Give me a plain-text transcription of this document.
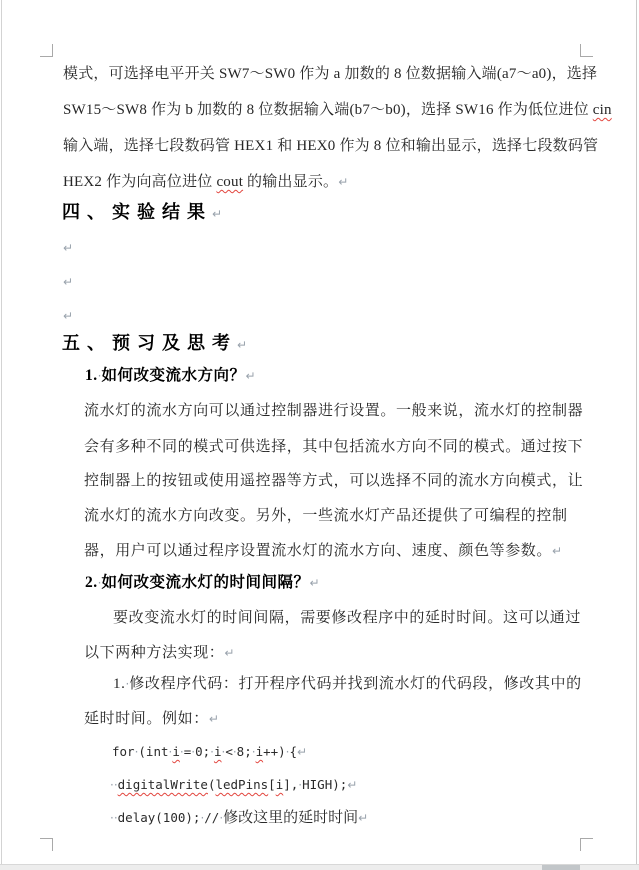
模式，可选择电平开关 SW7～SW0 作为 a 加数的 8 位数据输入端(a7～a0)，选择
SW15～SW8 作为 b 加数的 8 位数据输入端(b7～b0)，选择 SW16 作为低位进位 cin
输入端，选择七段数码管 HEX1 和 HEX0 作为 8 位和输出显示，选择七段数码管
HEX2 作为向高位进位 cout 的输出显示。↵
四、实验结果↵
↵
↵
↵
五、预习及思考↵
1.·如何改变流水方向？↵
流水灯的流水方向可以通过控制器进行设置。一般来说，流水灯的控制器
会有多种不同的模式可供选择，其中包括流水方向不同的模式。通过按下
控制器上的按钮或使用遥控器等方式，可以选择不同的流水方向模式，让
流水灯的流水方向改变。另外，一些流水灯产品还提供了可编程的控制
器，用户可以通过程序设置流水灯的流水方向、速度、颜色等参数。↵
2.·如何改变流水灯的时间间隔？↵
要改变流水灯的时间间隔，需要修改程序中的延时时间。这可以通过
以下两种方法实现：↵
1.·修改程序代码：打开程序代码并找到流水灯的代码段，修改其中的
延时时间。例如：↵
for·(int·i·=·0;·i·<·8;·i++)·{↵
··digitalWrite(ledPins[i],·HIGH);↵
··delay(100);·//·修改这里的延时时间↵
